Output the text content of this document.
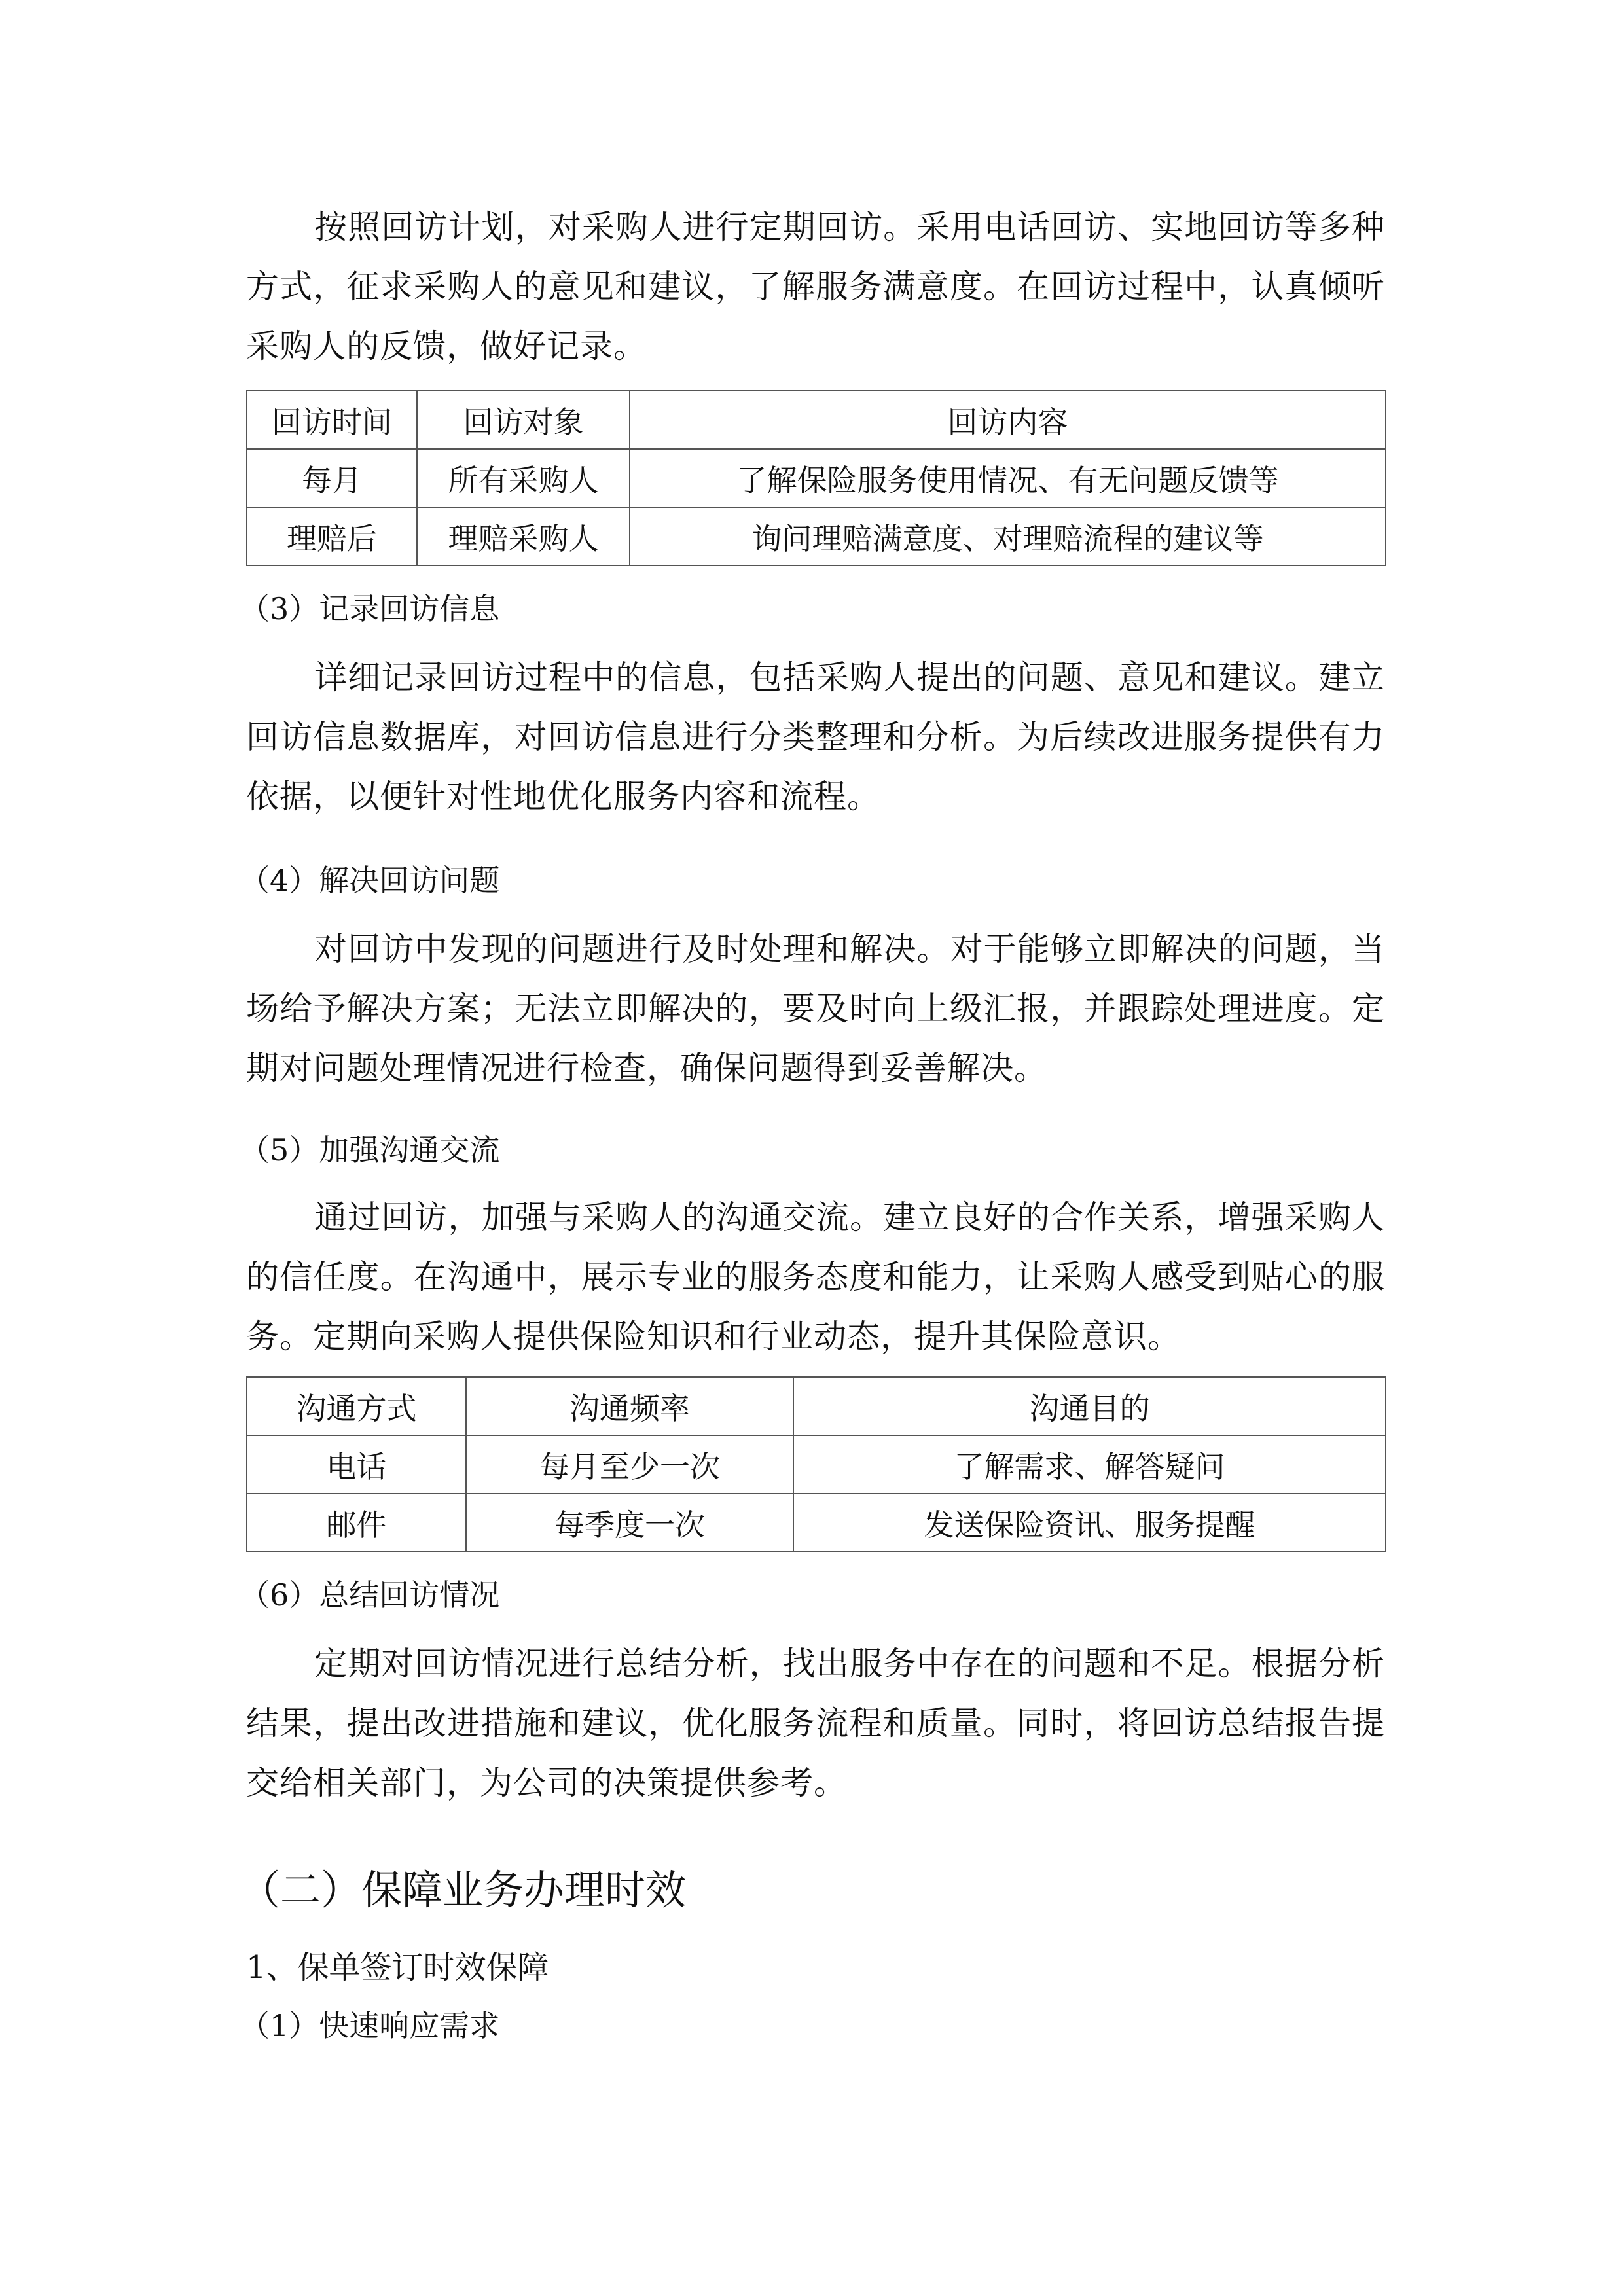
按照回访计划，对采购人进行定期回访。采用电话回访、实地回访等多种方式，征求采购人的意见和建议，了解服务满意度。在回访过程中，认真倾听采购人的反馈，做好记录。

回访时间	回访对象	回访内容
每月	所有采购人	了解保险服务使用情况、有无问题反馈等
理赔后	理赔采购人	询问理赔满意度、对理赔流程的建议等
（3）记录回访信息

详细记录回访过程中的信息，包括采购人提出的问题、意见和建议。建立回访信息数据库，对回访信息进行分类整理和分析。为后续改进服务提供有力依据，以便针对性地优化服务内容和流程。

（4）解决回访问题

对回访中发现的问题进行及时处理和解决。对于能够立即解决的问题，当场给予解决方案；无法立即解决的，要及时向上级汇报，并跟踪处理进度。定期对问题处理情况进行检查，确保问题得到妥善解决。

（5）加强沟通交流

通过回访，加强与采购人的沟通交流。建立良好的合作关系，增强采购人的信任度。在沟通中，展示专业的服务态度和能力，让采购人感受到贴心的服务。定期向采购人提供保险知识和行业动态，提升其保险意识。

沟通方式	沟通频率	沟通目的
电话	每月至少一次	了解需求、解答疑问
邮件	每季度一次	发送保险资讯、服务提醒
（6）总结回访情况

定期对回访情况进行总结分析，找出服务中存在的问题和不足。根据分析结果，提出改进措施和建议，优化服务流程和质量。同时，将回访总结报告提交给相关部门，为公司的决策提供参考。

（二）保障业务办理时效
1、保单签订时效保障
（1）快速响应需求
